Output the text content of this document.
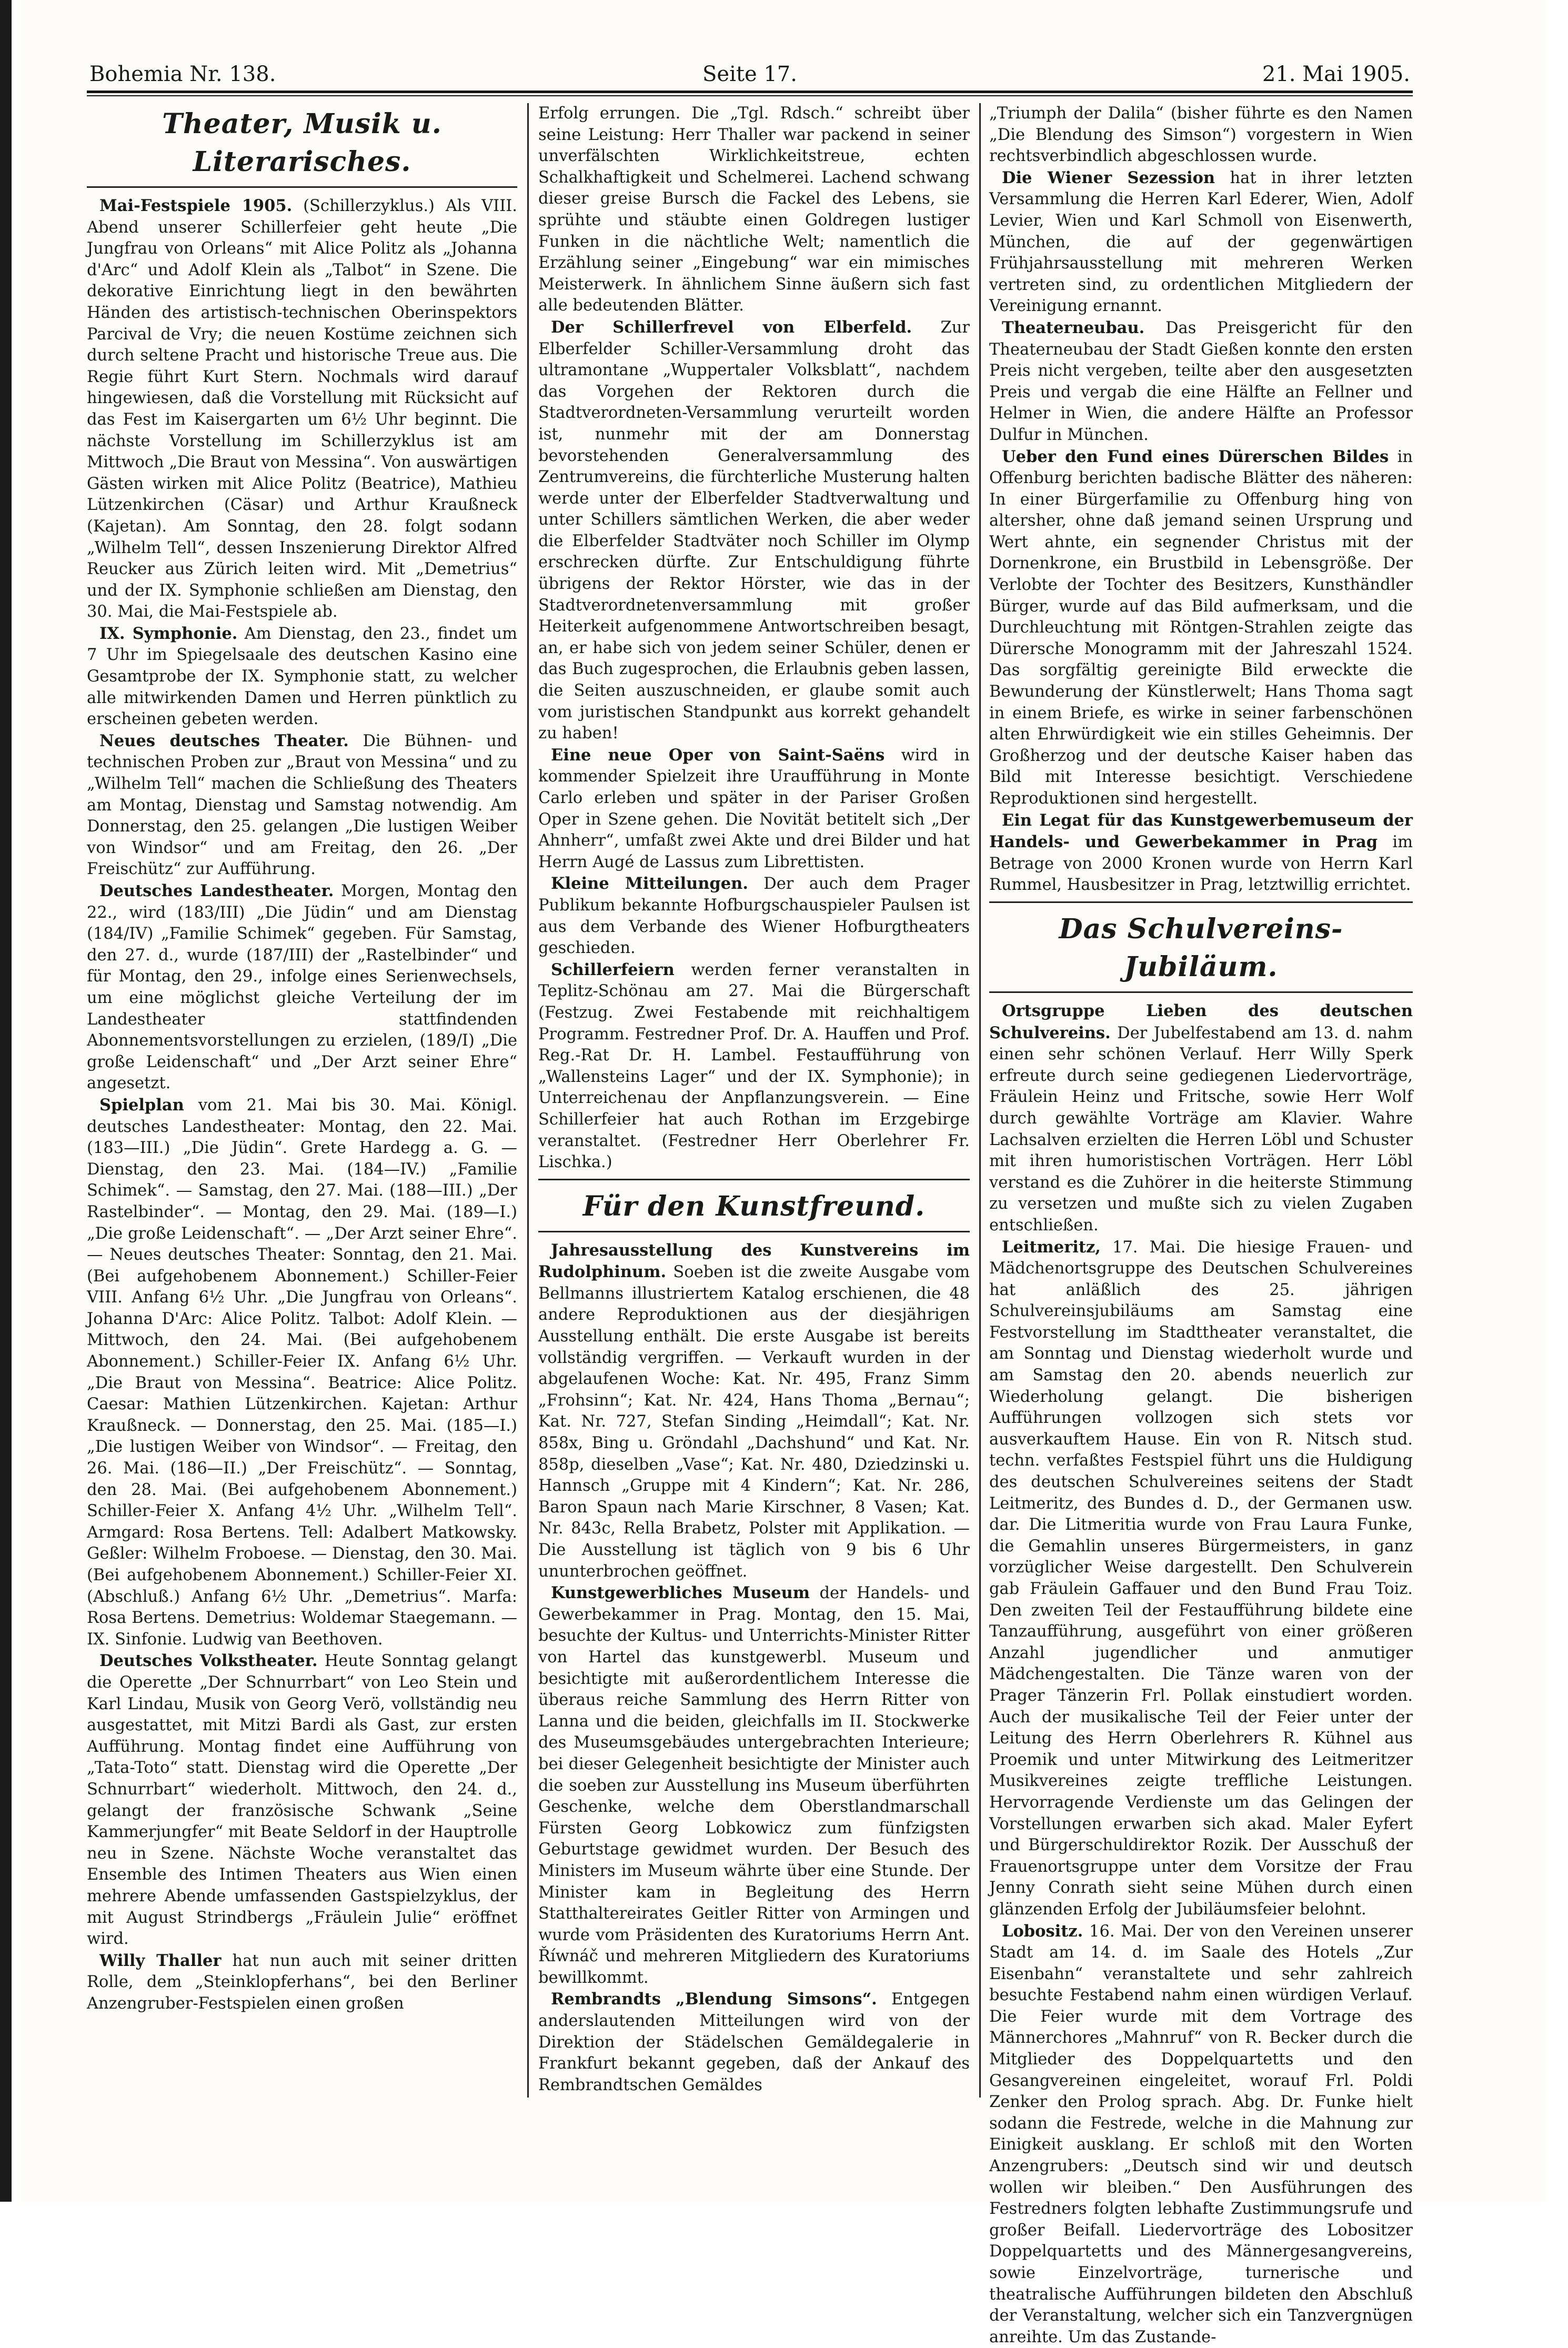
Bohemia Nr. 138.	Seite 17.	21. Mai 1905.
Theater, Musik u. Literarisches.

Mai-Festspiele 1905. (Schillerzyklus.) Als VIII. Abend unserer Schillerfeier geht heute „Die Jungfrau von Orleans“ mit Alice Politz als „Johanna d'Arc“ und Adolf Klein als „Talbot“ in Szene. Die dekorative Einrichtung liegt in den bewährten Händen des artistisch-technischen Oberinspektors Parcival de Vry; die neuen Kostüme zeichnen sich durch seltene Pracht und historische Treue aus. Die Regie führt Kurt Stern. Nochmals wird darauf hingewiesen, daß die Vorstellung mit Rücksicht auf das Fest im Kaisergarten um 6½ Uhr beginnt. Die nächste Vorstellung im Schillerzyklus ist am Mittwoch „Die Braut von Messina“. Von auswärtigen Gästen wirken mit Alice Politz (Beatrice), Mathieu Lützenkirchen (Cäsar) und Arthur Kraußneck (Kajetan). Am Sonntag, den 28. folgt sodann „Wilhelm Tell“, dessen Inszenierung Direktor Alfred Reucker aus Zürich leiten wird. Mit „Demetrius“ und der IX. Symphonie schließen am Dienstag, den 30. Mai, die Mai-Festspiele ab.

IX. Symphonie. Am Dienstag, den 23., findet um 7 Uhr im Spiegelsaale des deutschen Kasino eine Gesamtprobe der IX. Symphonie statt, zu welcher alle mitwirkenden Damen und Herren pünktlich zu erscheinen gebeten werden.

Neues deutsches Theater. Die Bühnen- und technischen Proben zur „Braut von Messina“ und zu „Wilhelm Tell“ machen die Schließung des Theaters am Montag, Dienstag und Samstag notwendig. Am Donnerstag, den 25. gelangen „Die lustigen Weiber von Windsor“ und am Freitag, den 26. „Der Freischütz“ zur Aufführung.

Deutsches Landestheater. Morgen, Montag den 22., wird (183/III) „Die Jüdin“ und am Dienstag (184/IV) „Familie Schimek“ gegeben. Für Samstag, den 27. d., wurde (187/III) der „Rastelbinder“ und für Montag, den 29., infolge eines Serienwechsels, um eine möglichst gleiche Verteilung der im Landestheater stattfindenden Abonnementsvorstellungen zu erzielen, (189/I) „Die große Leidenschaft“ und „Der Arzt seiner Ehre“ angesetzt.

Spielplan vom 21. Mai bis 30. Mai. Königl. deutsches Landestheater: Montag, den 22. Mai. (183—III.) „Die Jüdin“. Grete Hardegg a. G. — Dienstag, den 23. Mai. (184—IV.) „Familie Schimek“. — Samstag, den 27. Mai. (188—III.) „Der Rastelbinder“. — Montag, den 29. Mai. (189—I.) „Die große Leidenschaft“. — „Der Arzt seiner Ehre“. — Neues deutsches Theater: Sonntag, den 21. Mai. (Bei aufgehobenem Abonnement.) Schiller-Feier VIII. Anfang 6½ Uhr. „Die Jungfrau von Orleans“. Johanna D'Arc: Alice Politz. Talbot: Adolf Klein. — Mittwoch, den 24. Mai. (Bei aufgehobenem Abonnement.) Schiller-Feier IX. Anfang 6½ Uhr. „Die Braut von Messina“. Beatrice: Alice Politz. Caesar: Mathien Lützenkirchen. Kajetan: Arthur Kraußneck. — Donnerstag, den 25. Mai. (185—I.) „Die lustigen Weiber von Windsor“. — Freitag, den 26. Mai. (186—II.) „Der Freischütz“. — Sonntag, den 28. Mai. (Bei aufgehobenem Abonnement.) Schiller-Feier X. Anfang 4½ Uhr. „Wilhelm Tell“. Armgard: Rosa Bertens. Tell: Adalbert Matkowsky. Geßler: Wilhelm Froboese. — Dienstag, den 30. Mai. (Bei aufgehobenem Abonnement.) Schiller-Feier XI. (Abschluß.) Anfang 6½ Uhr. „Demetrius“. Marfa: Rosa Bertens. Demetrius: Woldemar Staegemann. — IX. Sinfonie. Ludwig van Beethoven.

Deutsches Volkstheater. Heute Sonntag gelangt die Operette „Der Schnurrbart“ von Leo Stein und Karl Lindau, Musik von Georg Verö, vollständig neu ausgestattet, mit Mitzi Bardi als Gast, zur ersten Aufführung. Montag findet eine Aufführung von „Tata-Toto“ statt. Dienstag wird die Operette „Der Schnurrbart“ wiederholt. Mittwoch, den 24. d., gelangt der französische Schwank „Seine Kammerjungfer“ mit Beate Seldorf in der Hauptrolle neu in Szene. Nächste Woche veranstaltet das Ensemble des Intimen Theaters aus Wien einen mehrere Abende umfassenden Gastspielzyklus, der mit August Strindbergs „Fräulein Julie“ eröffnet wird.

Willy Thaller hat nun auch mit seiner dritten Rolle, dem „Steinklopferhans“, bei den Berliner Anzengruber-Festspielen einen großen

Erfolg errungen. Die „Tgl. Rdsch.“ schreibt über seine Leistung: Herr Thaller war packend in seiner unverfälschten Wirklichkeitstreue, echten Schalkhaftigkeit und Schelmerei. Lachend schwang dieser greise Bursch die Fackel des Lebens, sie sprühte und stäubte einen Goldregen lustiger Funken in die nächtliche Welt; namentlich die Erzählung seiner „Eingebung“ war ein mimisches Meisterwerk. In ähnlichem Sinne äußern sich fast alle bedeutenden Blätter.

Der Schillerfrevel von Elberfeld. Zur Elberfelder Schiller-Versammlung droht das ultramontane „Wuppertaler Volksblatt“, nachdem das Vorgehen der Rektoren durch die Stadtverordneten-Versammlung verurteilt worden ist, nunmehr mit der am Donnerstag bevorstehenden Generalversammlung des Zentrumvereins, die fürchterliche Musterung halten werde unter der Elberfelder Stadtverwaltung und unter Schillers sämtlichen Werken, die aber weder die Elberfelder Stadtväter noch Schiller im Olymp erschrecken dürfte. Zur Entschuldigung führte übrigens der Rektor Hörster, wie das in der Stadtverordnetenversammlung mit großer Heiterkeit aufgenommene Antwortschreiben besagt, an, er habe sich von jedem seiner Schüler, denen er das Buch zugesprochen, die Erlaubnis geben lassen, die Seiten auszuschneiden, er glaube somit auch vom juristischen Standpunkt aus korrekt gehandelt zu haben!

Eine neue Oper von Saint-Saëns wird in kommender Spielzeit ihre Uraufführung in Monte Carlo erleben und später in der Pariser Großen Oper in Szene gehen. Die Novität betitelt sich „Der Ahnherr“, umfaßt zwei Akte und drei Bilder und hat Herrn Augé de Lassus zum Librettisten.

Kleine Mitteilungen. Der auch dem Prager Publikum bekannte Hofburgschauspieler Paulsen ist aus dem Verbande des Wiener Hofburgtheaters geschieden.

Schillerfeiern werden ferner veranstalten in Teplitz-Schönau am 27. Mai die Bürgerschaft (Festzug. Zwei Festabende mit reichhaltigem Programm. Festredner Prof. Dr. A. Hauffen und Prof. Reg.-Rat Dr. H. Lambel. Festaufführung von „Wallensteins Lager“ und der IX. Symphonie); in Unterreichenau der Anpflanzungsverein. — Eine Schillerfeier hat auch Rothan im Erzgebirge veranstaltet. (Festredner Herr Oberlehrer Fr. Lischka.)

Für den Kunstfreund.

Jahresausstellung des Kunstvereins im Rudolphinum. Soeben ist die zweite Ausgabe vom Bellmanns illustriertem Katalog erschienen, die 48 andere Reproduktionen aus der diesjährigen Ausstellung enthält. Die erste Ausgabe ist bereits vollständig vergriffen. — Verkauft wurden in der abgelaufenen Woche: Kat. Nr. 495, Franz Simm „Frohsinn“; Kat. Nr. 424, Hans Thoma „Bernau“; Kat. Nr. 727, Stefan Sinding „Heimdall“; Kat. Nr. 858x, Bing u. Gröndahl „Dachshund“ und Kat. Nr. 858p, dieselben „Vase“; Kat. Nr. 480, Dziedzinski u. Hannsch „Gruppe mit 4 Kindern“; Kat. Nr. 286, Baron Spaun nach Marie Kirschner, 8 Vasen; Kat. Nr. 843c, Rella Brabetz, Polster mit Applikation. — Die Ausstellung ist täglich von 9 bis 6 Uhr ununterbrochen geöffnet.

Kunstgewerbliches Museum der Handels- und Gewerbekammer in Prag. Montag, den 15. Mai, besuchte der Kultus- und Unterrichts-Minister Ritter von Hartel das kunstgewerbl. Museum und besichtigte mit außerordentlichem Interesse die überaus reiche Sammlung des Herrn Ritter von Lanna und die beiden, gleichfalls im II. Stockwerke des Museumsgebäudes untergebrachten Interieure; bei dieser Gelegenheit besichtigte der Minister auch die soeben zur Ausstellung ins Museum überführten Geschenke, welche dem Oberstlandmarschall Fürsten Georg Lobkowicz zum fünfzigsten Geburtstage gewidmet wurden. Der Besuch des Ministers im Museum währte über eine Stunde. Der Minister kam in Begleitung des Herrn Statthaltereirates Geitler Ritter von Armingen und wurde vom Präsidenten des Kuratoriums Herrn Ant. Říwnáč und mehreren Mitgliedern des Kuratoriums bewillkommt.

Rembrandts „Blendung Simsons“. Entgegen anderslautenden Mitteilungen wird von der Direktion der Städelschen Gemäldegalerie in Frankfurt bekannt gegeben, daß der Ankauf des Rembrandtschen Gemäldes

„Triumph der Dalila“ (bisher führte es den Namen „Die Blendung des Simson“) vorgestern in Wien rechtsverbindlich abgeschlossen wurde.

Die Wiener Sezession hat in ihrer letzten Versammlung die Herren Karl Ederer, Wien, Adolf Levier, Wien und Karl Schmoll von Eisenwerth, München, die auf der gegenwärtigen Frühjahrsausstellung mit mehreren Werken vertreten sind, zu ordentlichen Mitgliedern der Vereinigung ernannt.

Theaterneubau. Das Preisgericht für den Theaterneubau der Stadt Gießen konnte den ersten Preis nicht vergeben, teilte aber den ausgesetzten Preis und vergab die eine Hälfte an Fellner und Helmer in Wien, die andere Hälfte an Professor Dulfur in München.

Ueber den Fund eines Dürerschen Bildes in Offenburg berichten badische Blätter des näheren: In einer Bürgerfamilie zu Offenburg hing von altersher, ohne daß jemand seinen Ursprung und Wert ahnte, ein segnender Christus mit der Dornenkrone, ein Brustbild in Lebensgröße. Der Verlobte der Tochter des Besitzers, Kunsthändler Bürger, wurde auf das Bild aufmerksam, und die Durchleuchtung mit Röntgen-Strahlen zeigte das Dürersche Monogramm mit der Jahreszahl 1524. Das sorgfältig gereinigte Bild erweckte die Bewunderung der Künstlerwelt; Hans Thoma sagt in einem Briefe, es wirke in seiner farbenschönen alten Ehrwürdigkeit wie ein stilles Geheimnis. Der Großherzog und der deutsche Kaiser haben das Bild mit Interesse besichtigt. Verschiedene Reproduktionen sind hergestellt.

Ein Legat für das Kunstgewerbemuseum der Handels- und Gewerbekammer in Prag im Betrage von 2000 Kronen wurde von Herrn Karl Rummel, Hausbesitzer in Prag, letztwillig errichtet.

Das Schulvereins-Jubiläum.

Ortsgruppe Lieben des deutschen Schulvereins. Der Jubelfestabend am 13. d. nahm einen sehr schönen Verlauf. Herr Willy Sperk erfreute durch seine gediegenen Liedervorträge, Fräulein Heinz und Fritsche, sowie Herr Wolf durch gewählte Vorträge am Klavier. Wahre Lachsalven erzielten die Herren Löbl und Schuster mit ihren humoristischen Vorträgen. Herr Löbl verstand es die Zuhörer in die heiterste Stimmung zu versetzen und mußte sich zu vielen Zugaben entschließen.

Leitmeritz, 17. Mai. Die hiesige Frauen- und Mädchenortsgruppe des Deutschen Schulvereines hat anläßlich des 25. jährigen Schulvereinsjubiläums am Samstag eine Festvorstellung im Stadttheater veranstaltet, die am Sonntag und Dienstag wiederholt wurde und am Samstag den 20. abends neuerlich zur Wiederholung gelangt. Die bisherigen Aufführungen vollzogen sich stets vor ausverkauftem Hause. Ein von R. Nitsch stud. techn. verfaßtes Festspiel führt uns die Huldigung des deutschen Schulvereines seitens der Stadt Leitmeritz, des Bundes d. D., der Germanen usw. dar. Die Litmeritia wurde von Frau Laura Funke, die Gemahlin unseres Bürgermeisters, in ganz vorzüglicher Weise dargestellt. Den Schulverein gab Fräulein Gaffauer und den Bund Frau Toiz. Den zweiten Teil der Festaufführung bildete eine Tanzaufführung, ausgeführt von einer größeren Anzahl jugendlicher und anmutiger Mädchengestalten. Die Tänze waren von der Prager Tänzerin Frl. Pollak einstudiert worden. Auch der musikalische Teil der Feier unter der Leitung des Herrn Oberlehrers R. Kühnel aus Proemik und unter Mitwirkung des Leitmeritzer Musikvereines zeigte treffliche Leistungen. Hervorragende Verdienste um das Gelingen der Vorstellungen erwarben sich akad. Maler Eyfert und Bürgerschuldirektor Rozik. Der Ausschuß der Frauenortsgruppe unter dem Vorsitze der Frau Jenny Conrath sieht seine Mühen durch einen glänzenden Erfolg der Jubiläumsfeier belohnt.

Lobositz. 16. Mai. Der von den Vereinen unserer Stadt am 14. d. im Saale des Hotels „Zur Eisenbahn“ veranstaltete und sehr zahlreich besuchte Festabend nahm einen würdigen Verlauf. Die Feier wurde mit dem Vortrage des Männerchores „Mahnruf“ von R. Becker durch die Mitglieder des Doppelquartetts und den Gesangvereinen eingeleitet, worauf Frl. Poldi Zenker den Prolog sprach. Abg. Dr. Funke hielt sodann die Festrede, welche in die Mahnung zur Einigkeit ausklang. Er schloß mit den Worten Anzengrubers: „Deutsch sind wir und deutsch wollen wir bleiben.“ Den Ausführungen des Festredners folgten lebhafte Zustimmungsrufe und großer Beifall. Liedervorträge des Lobositzer Doppelquartetts und des Männergesangvereins, sowie Einzelvorträge, turnerische und theatralische Aufführungen bildeten den Abschluß der Veranstaltung, welcher sich ein Tanzvergnügen anreihte. Um das Zustande-
